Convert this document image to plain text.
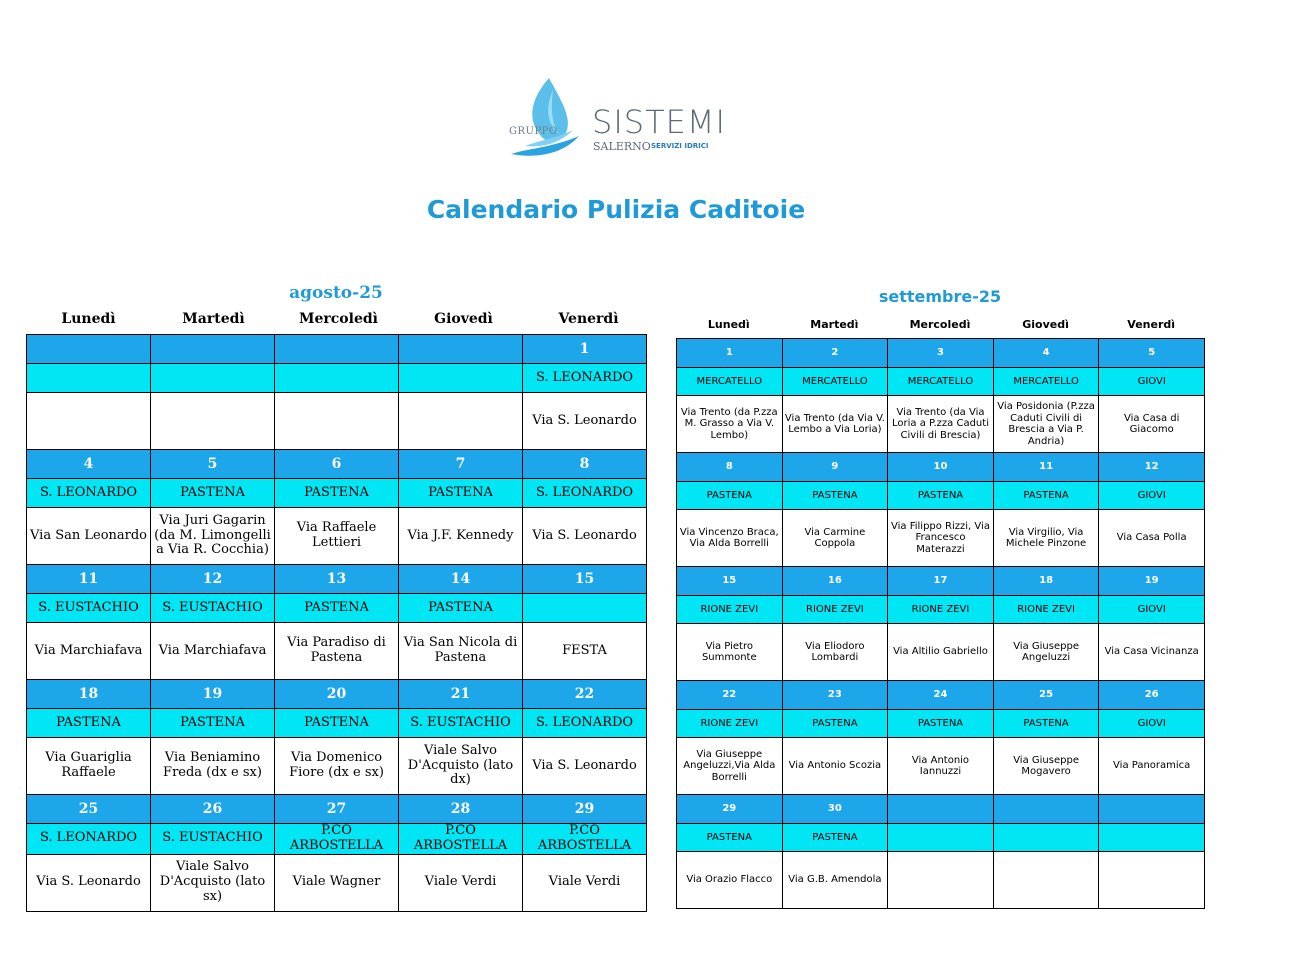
GRUPPO SISTEMI
SALERNO SERVIZI IDRICI
Calendario Pulizia Caditoie
agosto-25	settembre-25
Lunedì	Martedì	Mercoledì	Giovedì	Venerdì	Lunedì	Martedì	Mercoledì	Giovedì	Venerdì
				1
				S. LEONARDO
				Via S. Leonardo
4	5	6	7	8
S. LEONARDO	PASTENA	PASTENA	PASTENA	S. LEONARDO
Via San Leonardo	Via Juri Gagarin (da M. Limongelli a Via R. Cocchia)	Via Raffaele Lettieri	Via J.F. Kennedy	Via S. Leonardo
11	12	13	14	15
S. EUSTACHIO	S. EUSTACHIO	PASTENA	PASTENA	
Via Marchiafava	Via Marchiafava	Via Paradiso di Pastena	Via San Nicola di Pastena	FESTA
18	19	20	21	22
PASTENA	PASTENA	PASTENA	S. EUSTACHIO	S. LEONARDO
Via Guariglia Raffaele	Via Beniamino Freda (dx e sx)	Via Domenico Fiore (dx e sx)	Viale Salvo D'Acquisto (lato dx)	Via S. Leonardo
25	26	27	28	29
S. LEONARDO	S. EUSTACHIO	P.CO ARBOSTELLA	P.CO ARBOSTELLA	P.CO ARBOSTELLA
Via S. Leonardo	Viale Salvo D'Acquisto (lato sx)	Viale Wagner	Viale Verdi	Viale Verdi
1	2	3	4	5
MERCATELLO	MERCATELLO	MERCATELLO	MERCATELLO	GIOVI
Via Trento (da P.zza M. Grasso a Via V. Lembo)	Via Trento (da Via V. Lembo a Via Loria)	Via Trento (da Via Loria a P.zza Caduti Civili di Brescia)	Via Posidonia (P.zza Caduti Civili di Brescia a Via P. Andria)	Via Casa di Giacomo
8	9	10	11	12
PASTENA	PASTENA	PASTENA	PASTENA	GIOVI
Via Vincenzo Braca, Via Alda Borrelli	Via Carmine Coppola	Via Filippo Rizzi, Via Francesco Materazzi	Via Virgilio, Via Michele Pinzone	Via Casa Polla
15	16	17	18	19
RIONE ZEVI	RIONE ZEVI	RIONE ZEVI	RIONE ZEVI	GIOVI
Via Pietro Summonte	Via Eliodoro Lombardi	Via Altilio Gabriello	Via Giuseppe Angeluzzi	Via Casa Vicinanza
22	23	24	25	26
RIONE ZEVI	PASTENA	PASTENA	PASTENA	GIOVI
Via Giuseppe Angeluzzi,Via Alda Borrelli	Via Antonio Scozia	Via Antonio Iannuzzi	Via Giuseppe Mogavero	Via Panoramica
29	30			
PASTENA	PASTENA			
Via Orazio Flacco	Via G.B. Amendola			
